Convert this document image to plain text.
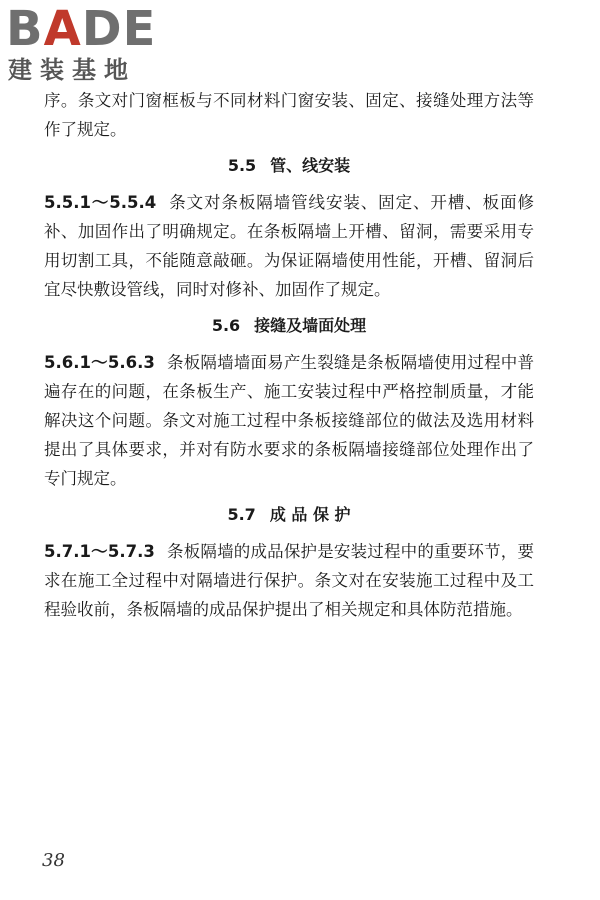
BADE
建装基地

序。条文对门窗框板与不同材料门窗安装、固定、接缝处理方法等作了规定。

5.5 管、线安装

5.5.1～5.5.4 条文对条板隔墙管线安装、固定、开槽、板面修补、加固作出了明确规定。在条板隔墙上开槽、留洞，需要采用专用切割工具，不能随意敲砸。为保证隔墙使用性能，开槽、留洞后宜尽快敷设管线，同时对修补、加固作了规定。

5.6 接缝及墙面处理

5.6.1～5.6.3 条板隔墙墙面易产生裂缝是条板隔墙使用过程中普遍存在的问题，在条板生产、施工安装过程中严格控制质量，才能解决这个问题。条文对施工过程中条板接缝部位的做法及选用材料提出了具体要求，并对有防水要求的条板隔墙接缝部位处理作出了专门规定。

5.7 成 品 保 护

5.7.1～5.7.3 条板隔墙的成品保护是安装过程中的重要环节，要求在施工全过程中对隔墙进行保护。条文对在安装施工过程中及工程验收前，条板隔墙的成品保护提出了相关规定和具体防范措施。

38
